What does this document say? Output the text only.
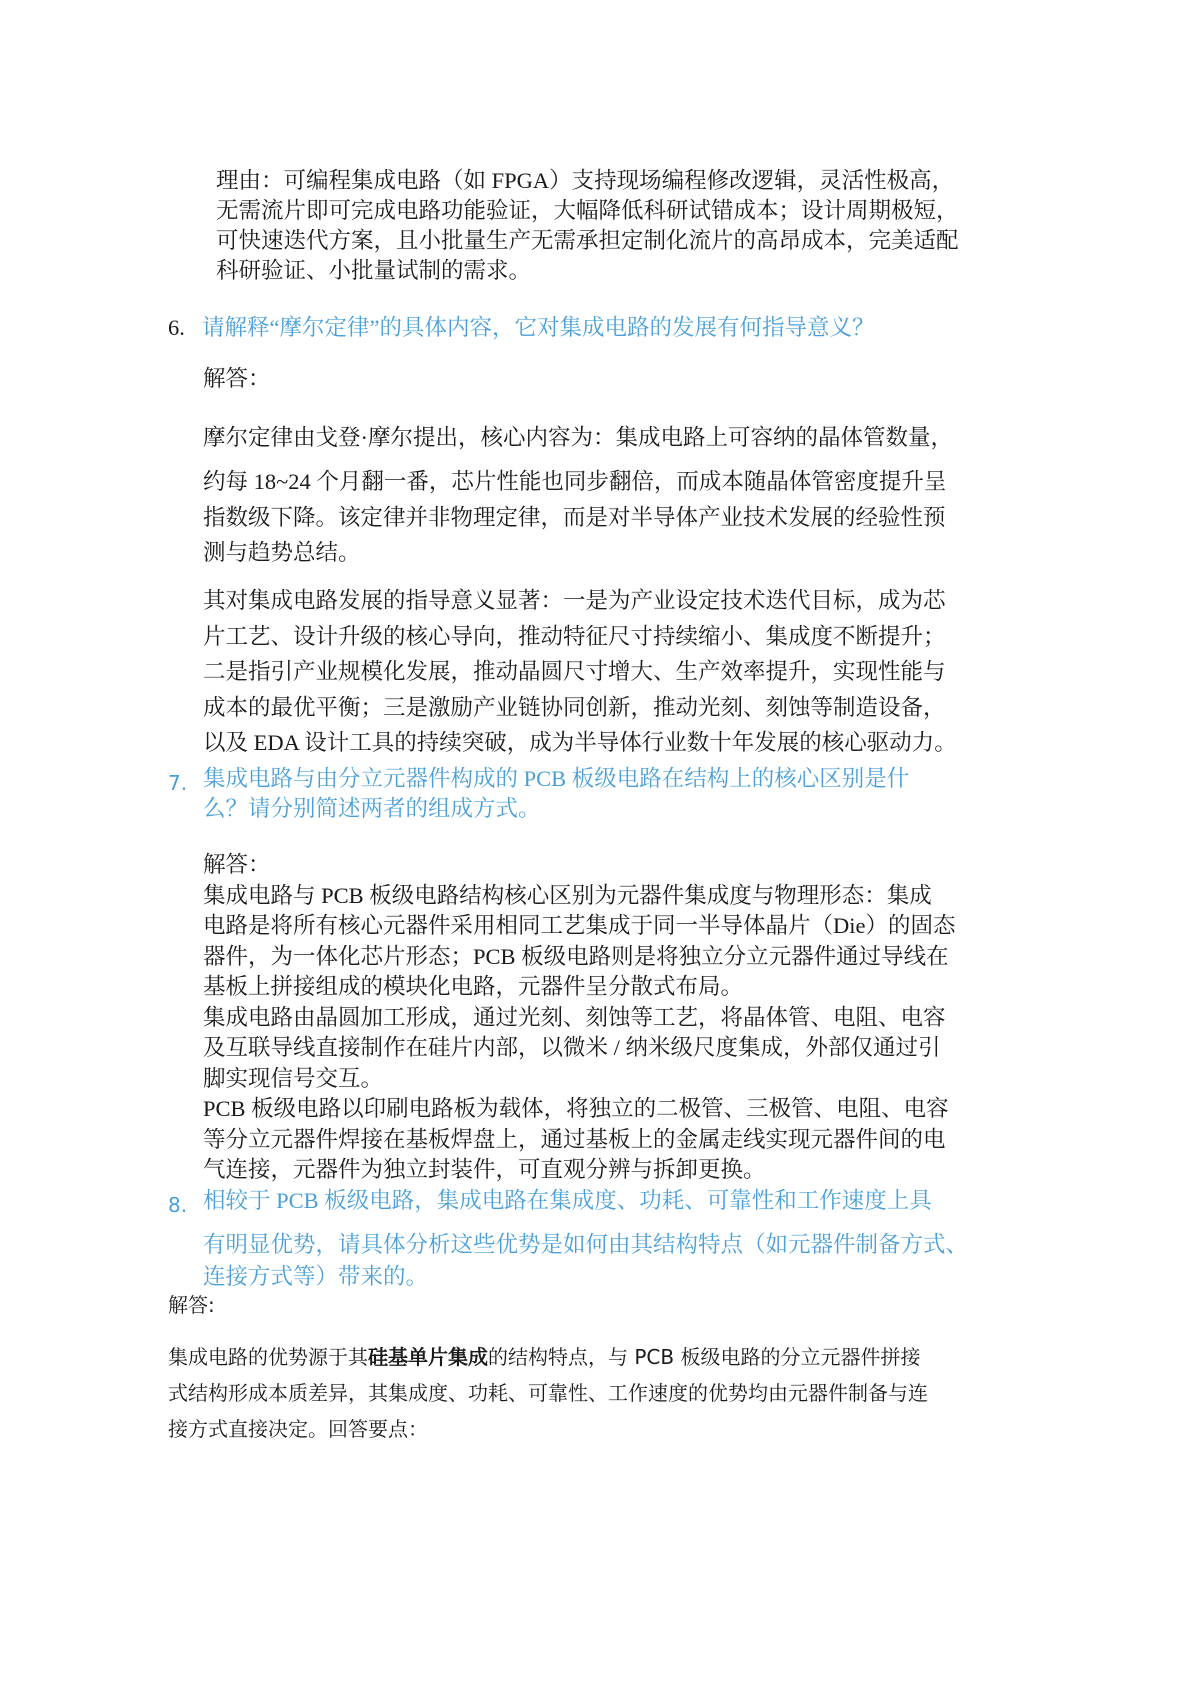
理由：可编程集成电路（如 FPGA）支持现场编程修改逻辑，灵活性极高，
无需流片即可完成电路功能验证，大幅降低科研试错成本；设计周期极短，
可快速迭代方案，且小批量生产无需承担定制化流片的高昂成本，完美适配
科研验证、小批量试制的需求。
6. 请解释“摩尔定律”的具体内容，它对集成电路的发展有何指导意义？
解答：
摩尔定律由戈登·摩尔提出，核心内容为：集成电路上可容纳的晶体管数量，
约每 18~24 个月翻一番，芯片性能也同步翻倍，而成本随晶体管密度提升呈
指数级下降。该定律并非物理定律，而是对半导体产业技术发展的经验性预
测与趋势总结。
其对集成电路发展的指导意义显著：一是为产业设定技术迭代目标，成为芯
片工艺、设计升级的核心导向，推动特征尺寸持续缩小、集成度不断提升；
二是指引产业规模化发展，推动晶圆尺寸增大、生产效率提升，实现性能与
成本的最优平衡；三是激励产业链协同创新，推动光刻、刻蚀等制造设备，
以及 EDA 设计工具的持续突破，成为半导体行业数十年发展的核心驱动力。
7. 集成电路与由分立元器件构成的 PCB 板级电路在结构上的核心区别是什
么？请分别简述两者的组成方式。
解答：
集成电路与 PCB 板级电路结构核心区别为元器件集成度与物理形态：集成
电路是将所有核心元器件采用相同工艺集成于同一半导体晶片（Die）的固态
器件，为一体化芯片形态；PCB 板级电路则是将独立分立元器件通过导线在
基板上拼接组成的模块化电路，元器件呈分散式布局。
集成电路由晶圆加工形成，通过光刻、刻蚀等工艺，将晶体管、电阻、电容
及互联导线直接制作在硅片内部，以微米 / 纳米级尺度集成，外部仅通过引
脚实现信号交互。
PCB 板级电路以印刷电路板为载体，将独立的二极管、三极管、电阻、电容
等分立元器件焊接在基板焊盘上，通过基板上的金属走线实现元器件间的电
气连接，元器件为独立封装件，可直观分辨与拆卸更换。
8. 相较于 PCB 板级电路，集成电路在集成度、功耗、可靠性和工作速度上具
有明显优势，请具体分析这些优势是如何由其结构特点（如元器件制备方式、
连接方式等）带来的。
解答:
集成电路的优势源于其硅基单片集成的结构特点，与 PCB 板级电路的分立元器件拼接
式结构形成本质差异，其集成度、功耗、可靠性、工作速度的优势均由元器件制备与连
接方式直接决定。回答要点：
